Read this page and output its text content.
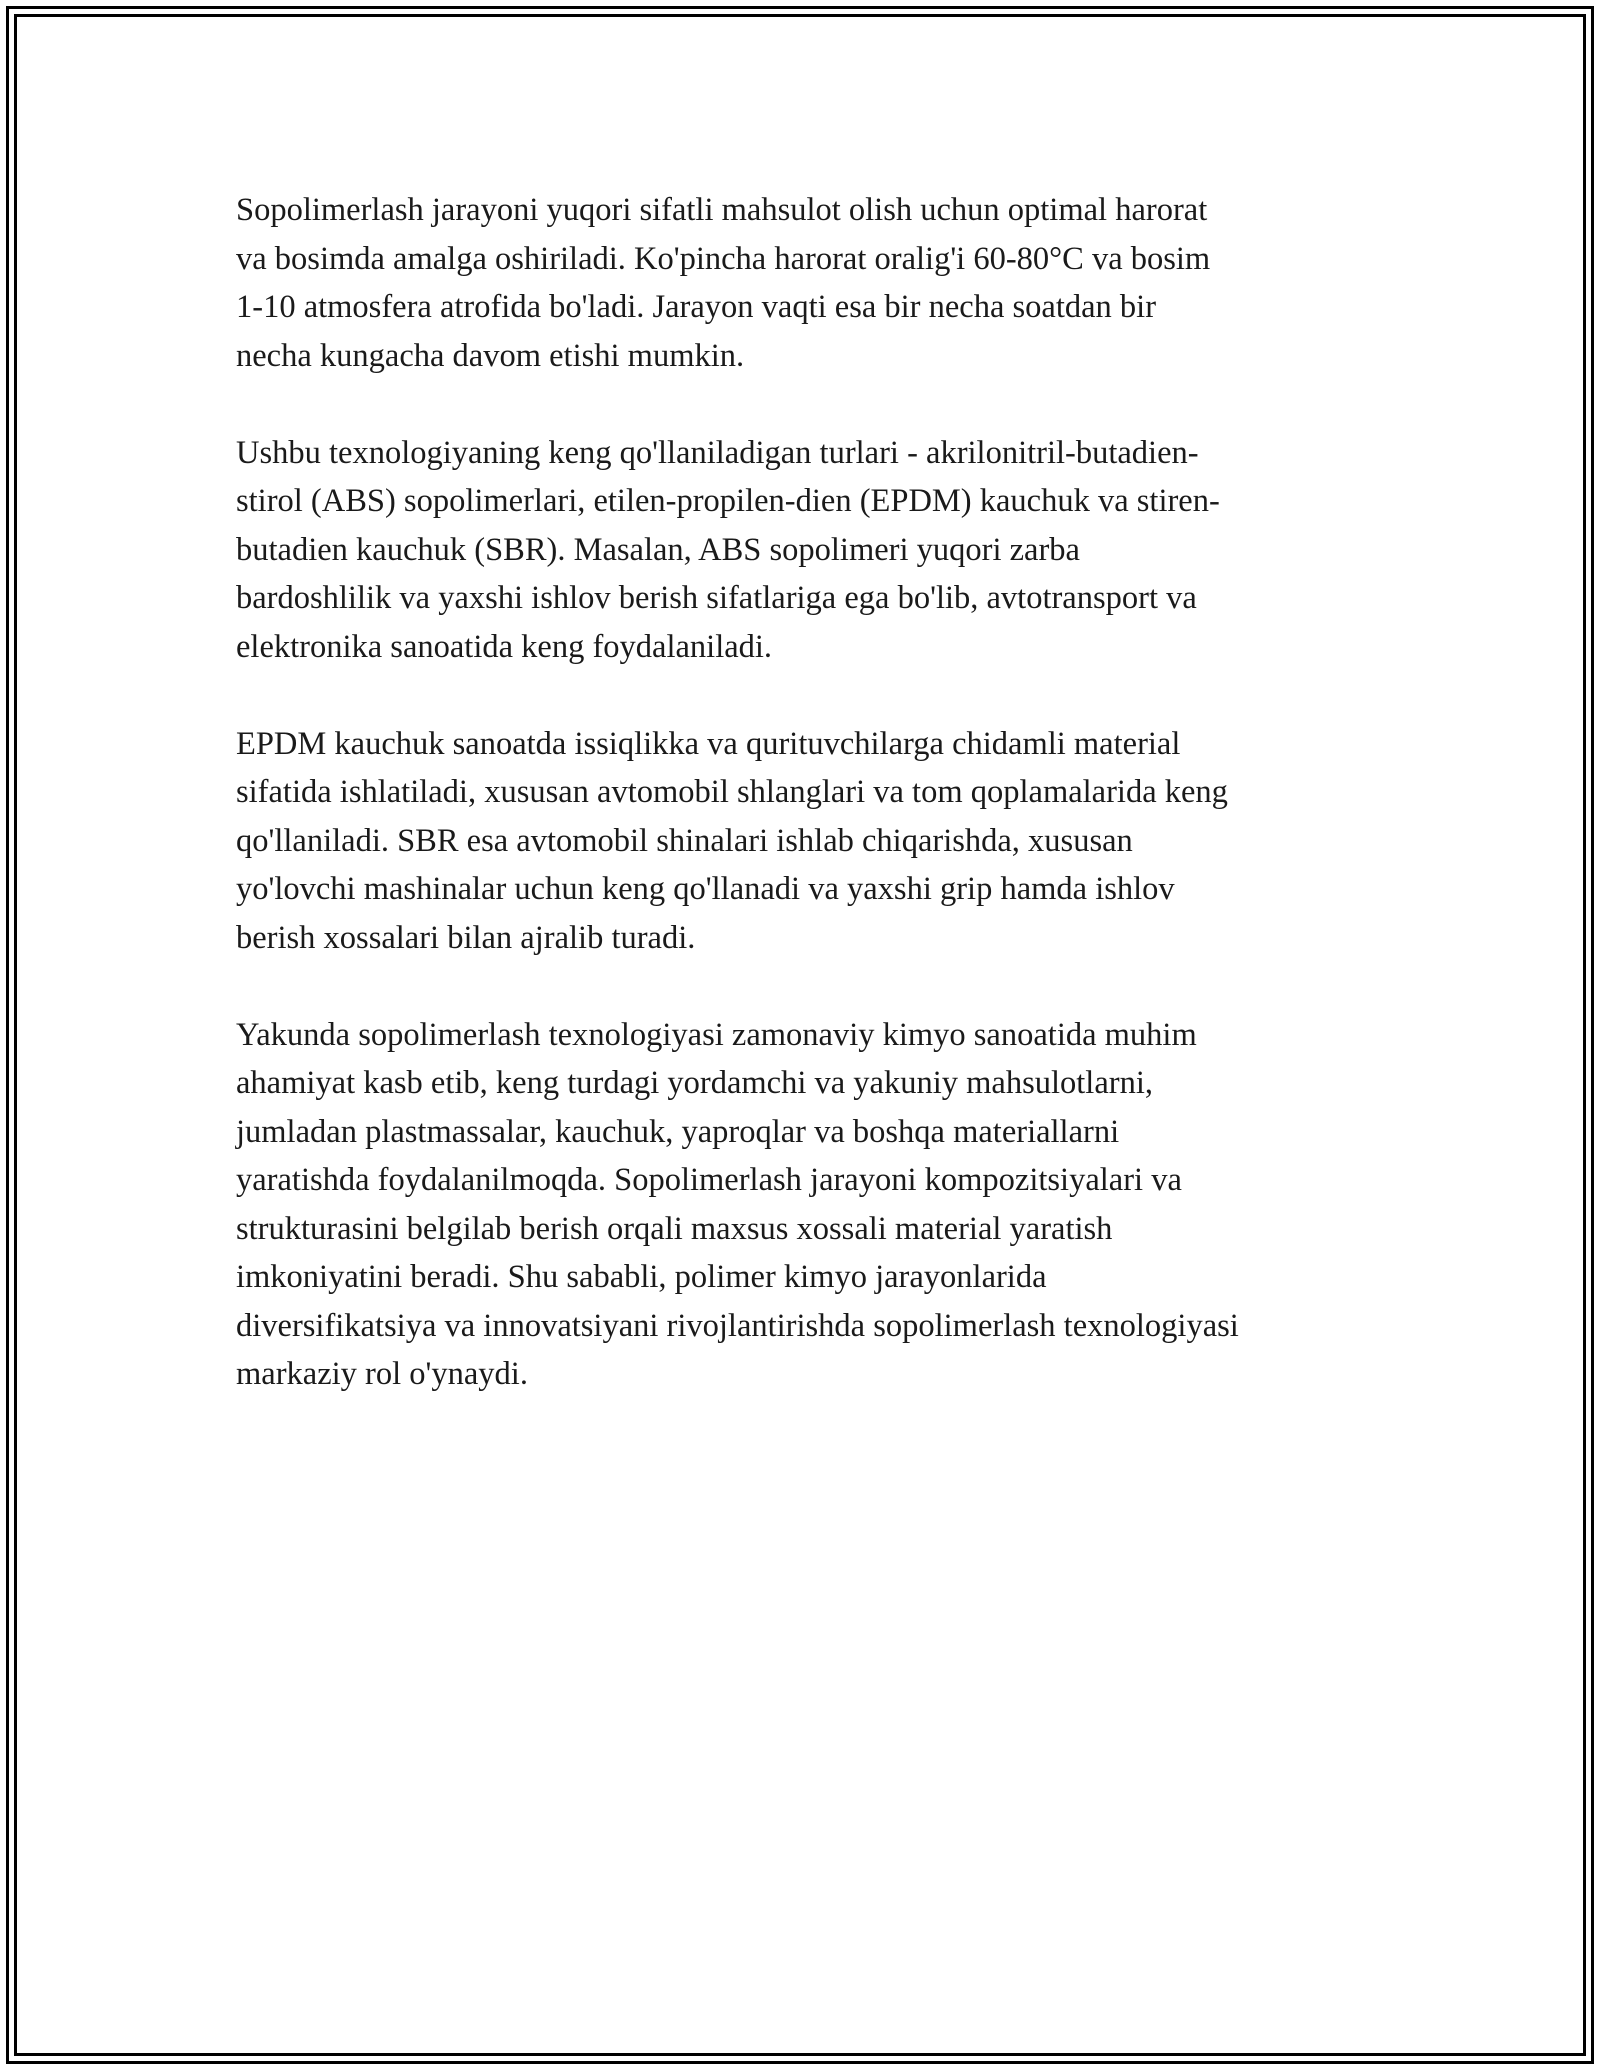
Sopolimerlash jarayoni yuqori sifatli mahsulot olish uchun optimal harorat
va bosimda amalga oshiriladi. Ko'pincha harorat oralig'i 60-80°C va bosim
1-10 atmosfera atrofida bo'ladi. Jarayon vaqti esa bir necha soatdan bir
necha kungacha davom etishi mumkin.

Ushbu texnologiyaning keng qo'llaniladigan turlari - akrilonitril-butadien-
stirol (ABS) sopolimerlari, etilen-propilen-dien (EPDM) kauchuk va stiren-
butadien kauchuk (SBR). Masalan, ABS sopolimeri yuqori zarba
bardoshlilik va yaxshi ishlov berish sifatlariga ega bo'lib, avtotransport va
elektronika sanoatida keng foydalaniladi.

EPDM kauchuk sanoatda issiqlikka va qurituvchilarga chidamli material
sifatida ishlatiladi, xususan avtomobil shlanglari va tom qoplamalarida keng
qo'llaniladi. SBR esa avtomobil shinalari ishlab chiqarishda, xususan
yo'lovchi mashinalar uchun keng qo'llanadi va yaxshi grip hamda ishlov
berish xossalari bilan ajralib turadi.

Yakunda sopolimerlash texnologiyasi zamonaviy kimyo sanoatida muhim
ahamiyat kasb etib, keng turdagi yordamchi va yakuniy mahsulotlarni,
jumladan plastmassalar, kauchuk, yaproqlar va boshqa materiallarni
yaratishda foydalanilmoqda. Sopolimerlash jarayoni kompozitsiyalari va
strukturasini belgilab berish orqali maxsus xossali material yaratish
imkoniyatini beradi. Shu sababli, polimer kimyo jarayonlarida
diversifikatsiya va innovatsiyani rivojlantirishda sopolimerlash texnologiyasi
markaziy rol o'ynaydi.
